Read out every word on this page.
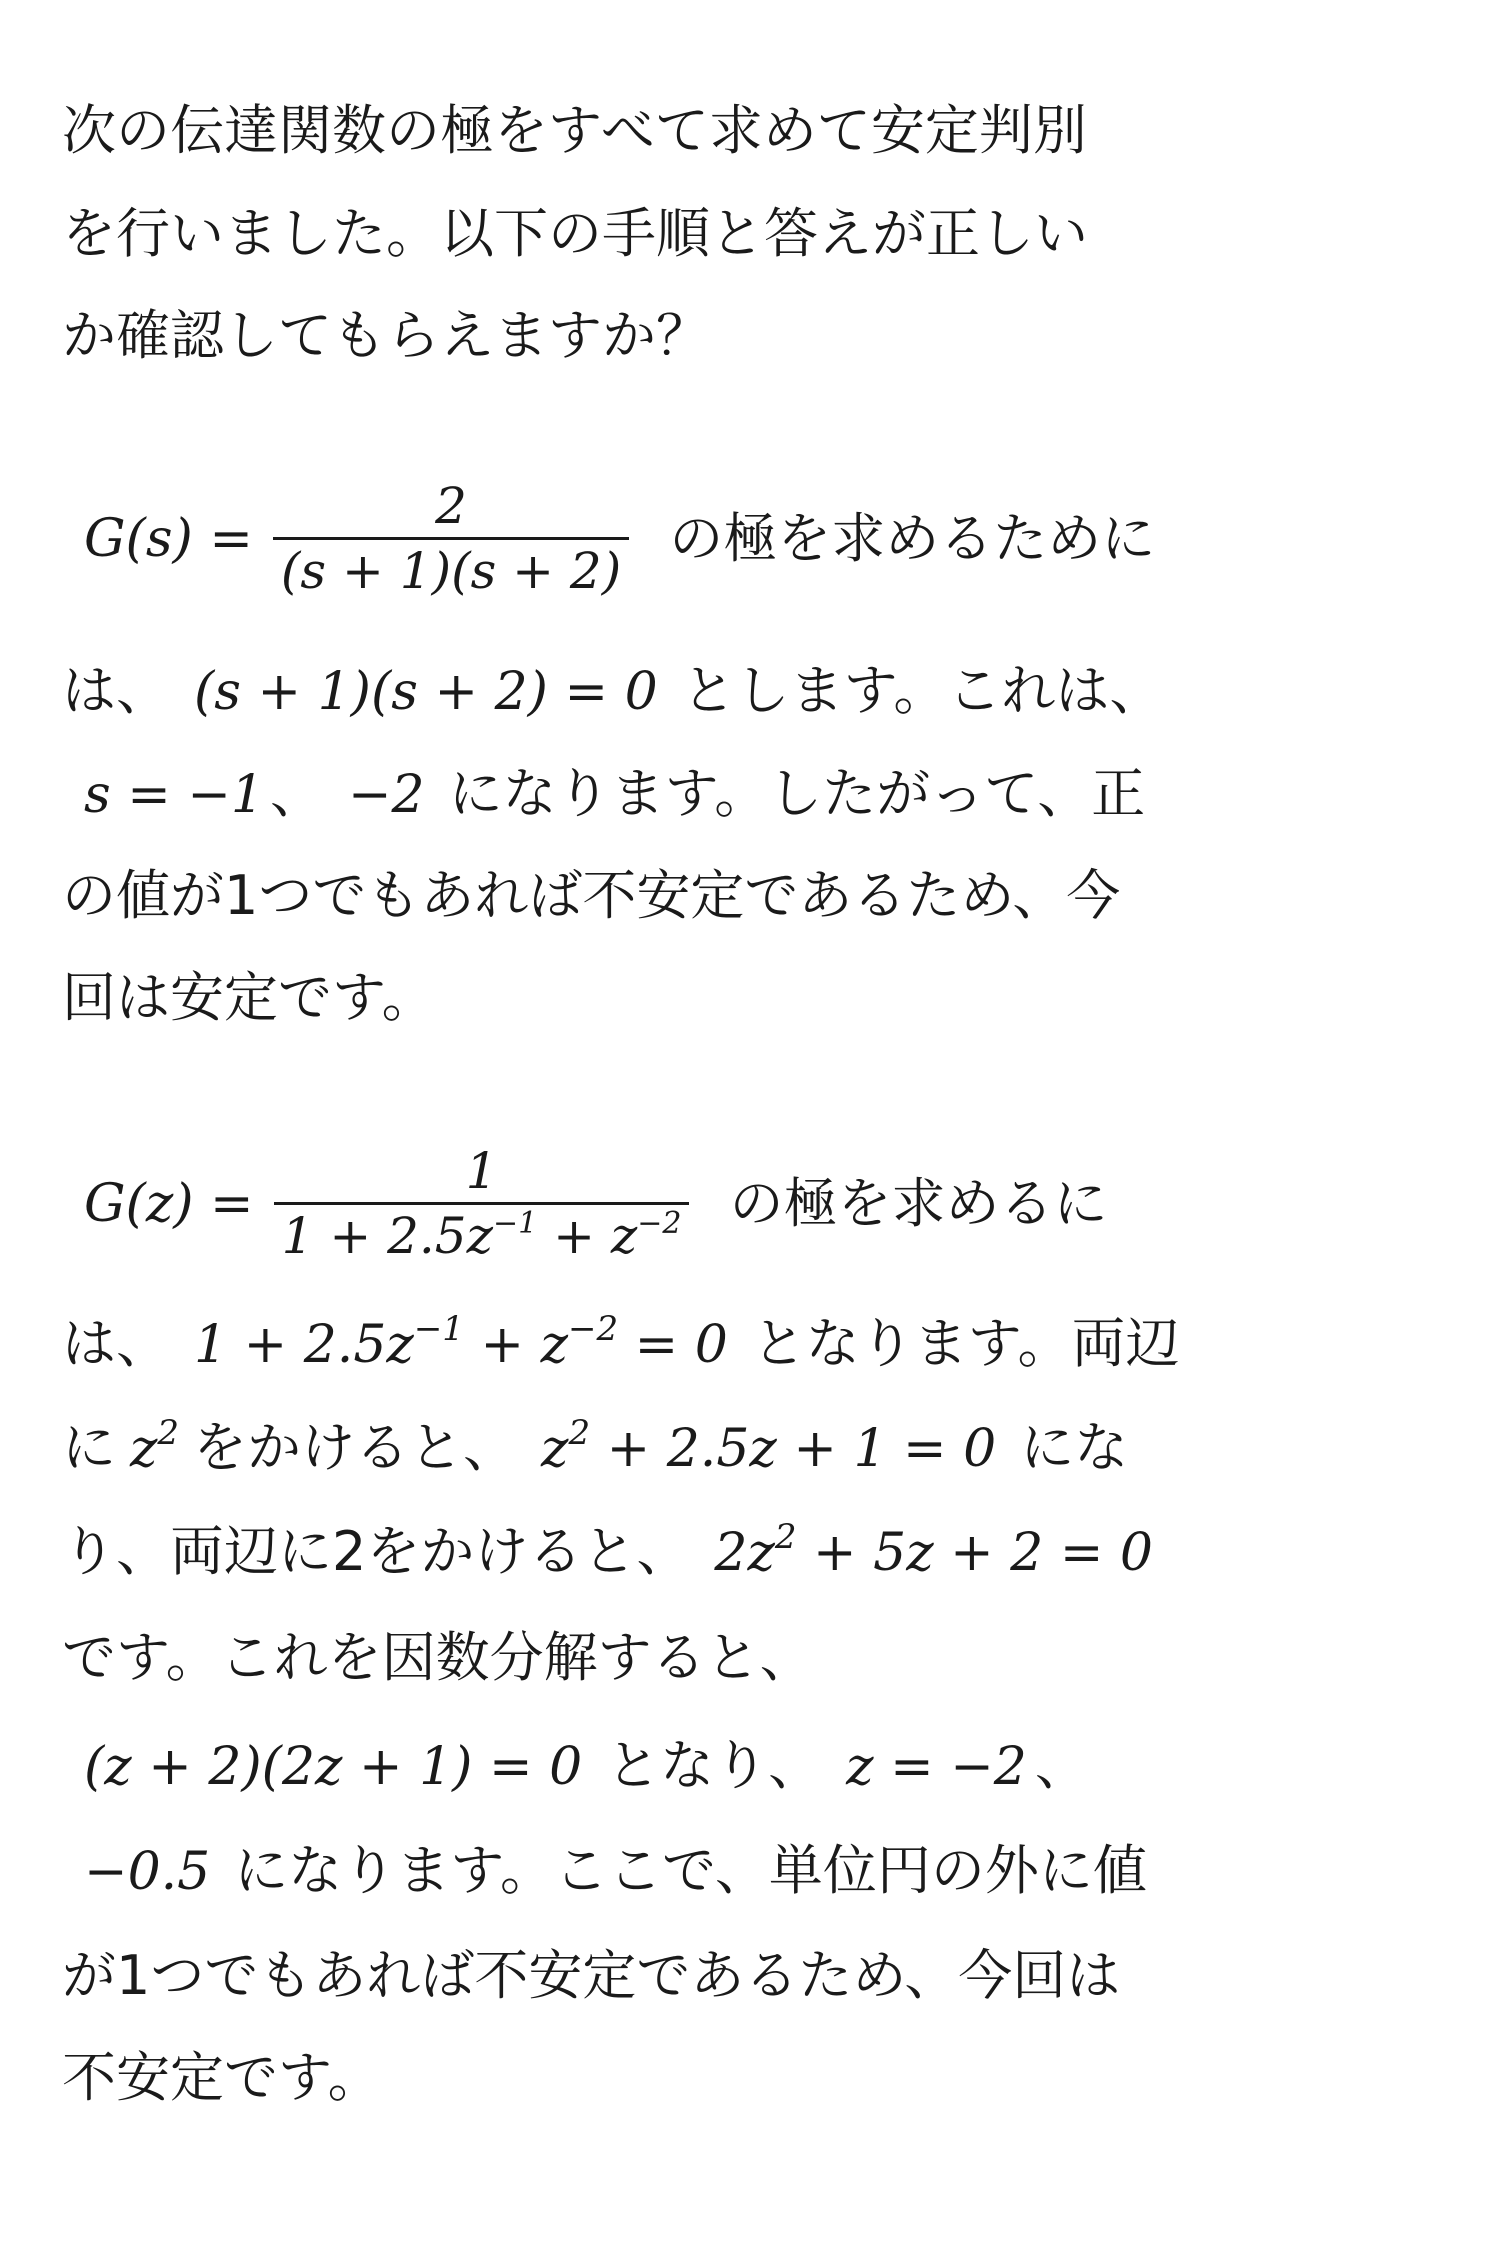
次の伝達関数の極をすべて求めて安定判別
を行いました。以下の手順と答えが正しい
か確認してもらえますか？
$G(s) = \frac{2}{(s + 1)(s + 2)}$ の極を求めるために
は、 (s + 1)(s + 2) = 0 とします。これは、
s = −1 、 −2 になります。したがって、正
の値が1つでもあれば不安定であるため、今
回は安定です。
$G(z) = \frac{1}{1 + 2.5z^{-1} + z^{-2}}$ の極を求めるに
は、 $1 + 2.5z^{-1} + z^{-2} = 0$ となります。両辺
に $z^2$ をかけると、 $z^2 + 2.5z + 1 = 0$ にな
り、両辺に2をかけると、 $2z^2 + 5z + 2 = 0$
です。これを因数分解すると、
(z + 2)(2z + 1) = 0 となり、 z = −2 、
−0.5 になります。ここで、単位円の外に値
が1つでもあれば不安定であるため、今回は
不安定です。
